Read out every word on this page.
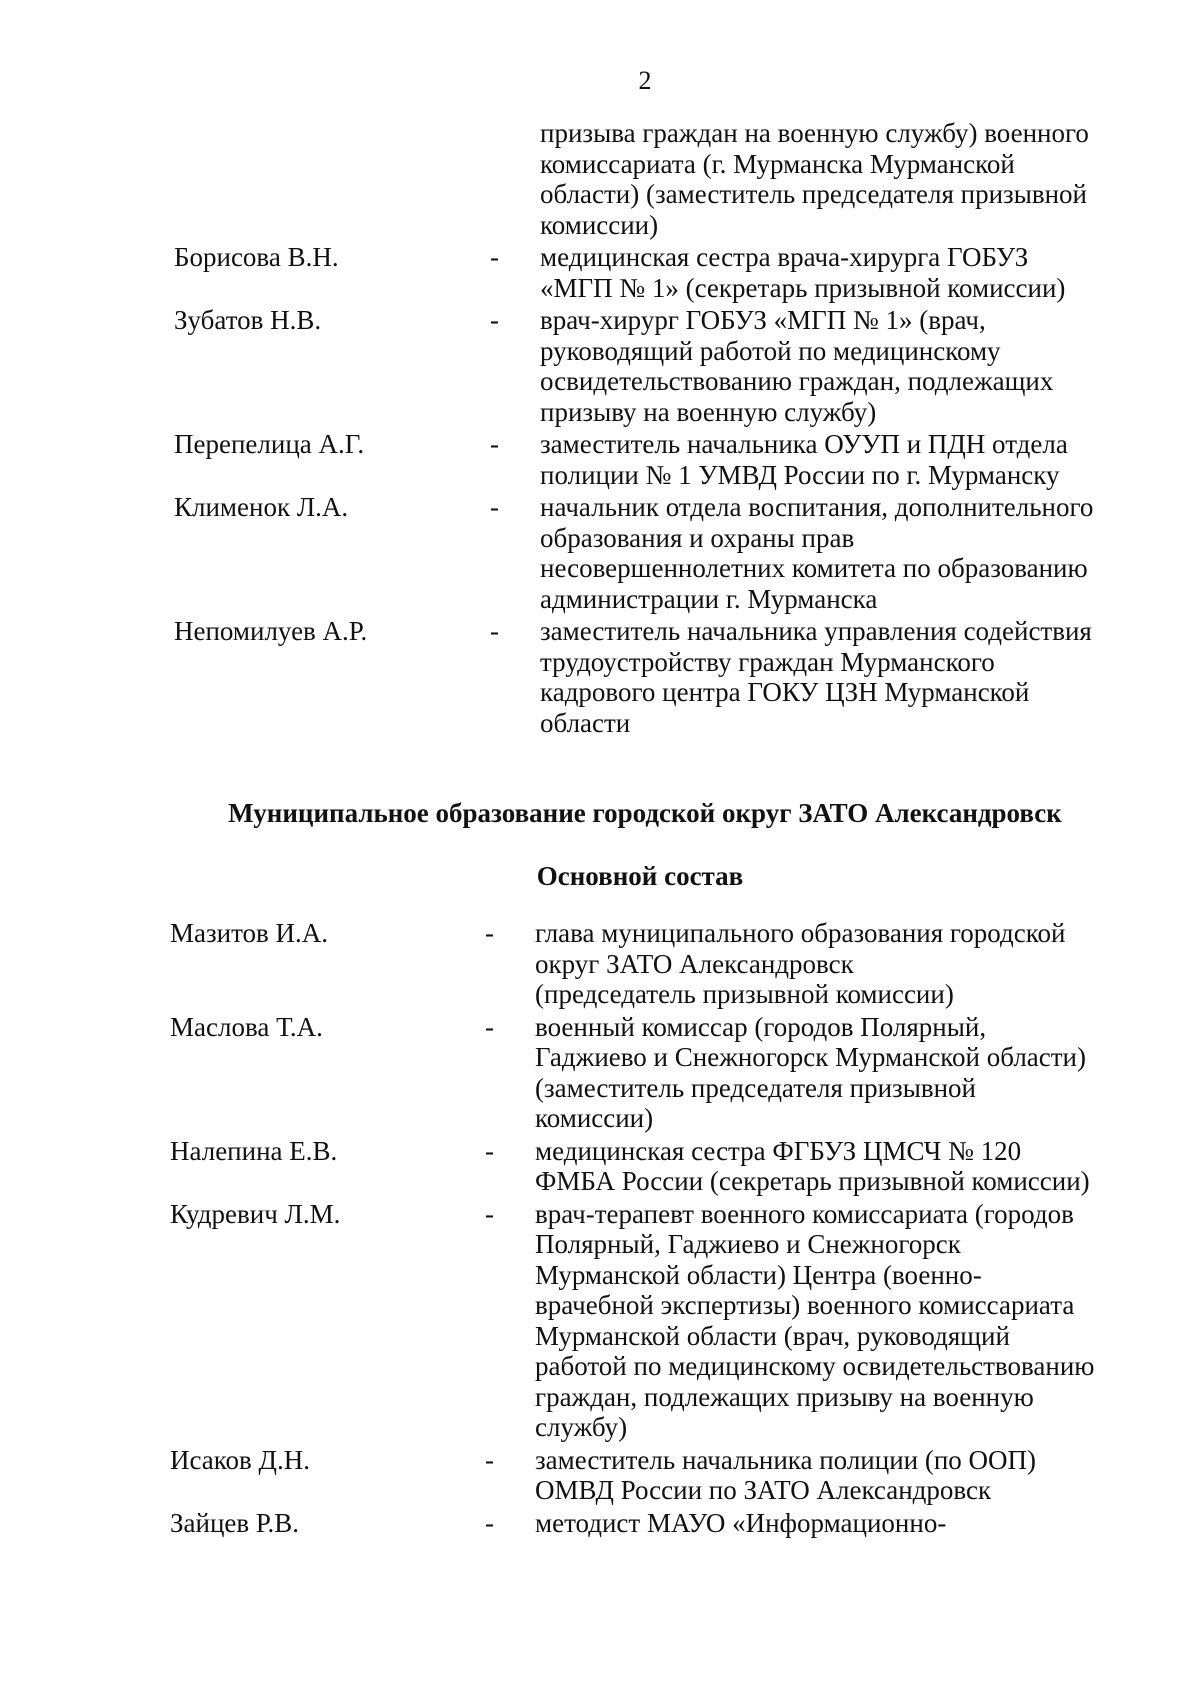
2
призыва граждан на военную службу) военного
комиссариата (г. Мурманска Мурманской
области) (заместитель председателя призывной
комиссии)
Борисова В.Н.	- медицинская сестра врача-хирурга ГОБУЗ
«МГП № 1» (секретарь призывной комиссии)
Зубатов Н.В.	- врач-хирург ГОБУЗ «МГП № 1» (врач,
руководящий работой по медицинскому
освидетельствованию граждан, подлежащих
призыву на военную службу)
Перепелица А.Г.	- заместитель начальника ОУУП и ПДН отдела
полиции № 1 УМВД России по г. Мурманску
Клименок Л.А.	- начальник отдела воспитания, дополнительного
образования и охраны прав
несовершеннолетних комитета по образованию
администрации г. Мурманска
Непомилуев А.Р.	- заместитель начальника управления содействия
трудоустройству граждан Мурманского
кадрового центра ГОКУ ЦЗН Мурманской
области
Муниципальное образование городской округ ЗАТО Александровск
Основной состав
Мазитов И.А.	- глава муниципального образования городской
округ ЗАТО Александровск
(председатель призывной комиссии)
Маслова Т.А.	- военный комиссар (городов Полярный,
Гаджиево и Снежногорск Мурманской области)
(заместитель председателя призывной
комиссии)
Налепина Е.В.	- медицинская сестра ФГБУЗ ЦМСЧ № 120
ФМБА России (секретарь призывной комиссии)
Кудревич Л.М.	- врач-терапевт военного комиссариата (городов
Полярный, Гаджиево и Снежногорск
Мурманской области) Центра (военно-
врачебной экспертизы) военного комиссариата
Мурманской области (врач, руководящий
работой по медицинскому освидетельствованию
граждан, подлежащих призыву на военную
службу)
Исаков Д.Н.	- заместитель начальника полиции (по ООП)
ОМВД России по ЗАТО Александровск
Зайцев Р.В.	- методист МАУО «Информационно-
